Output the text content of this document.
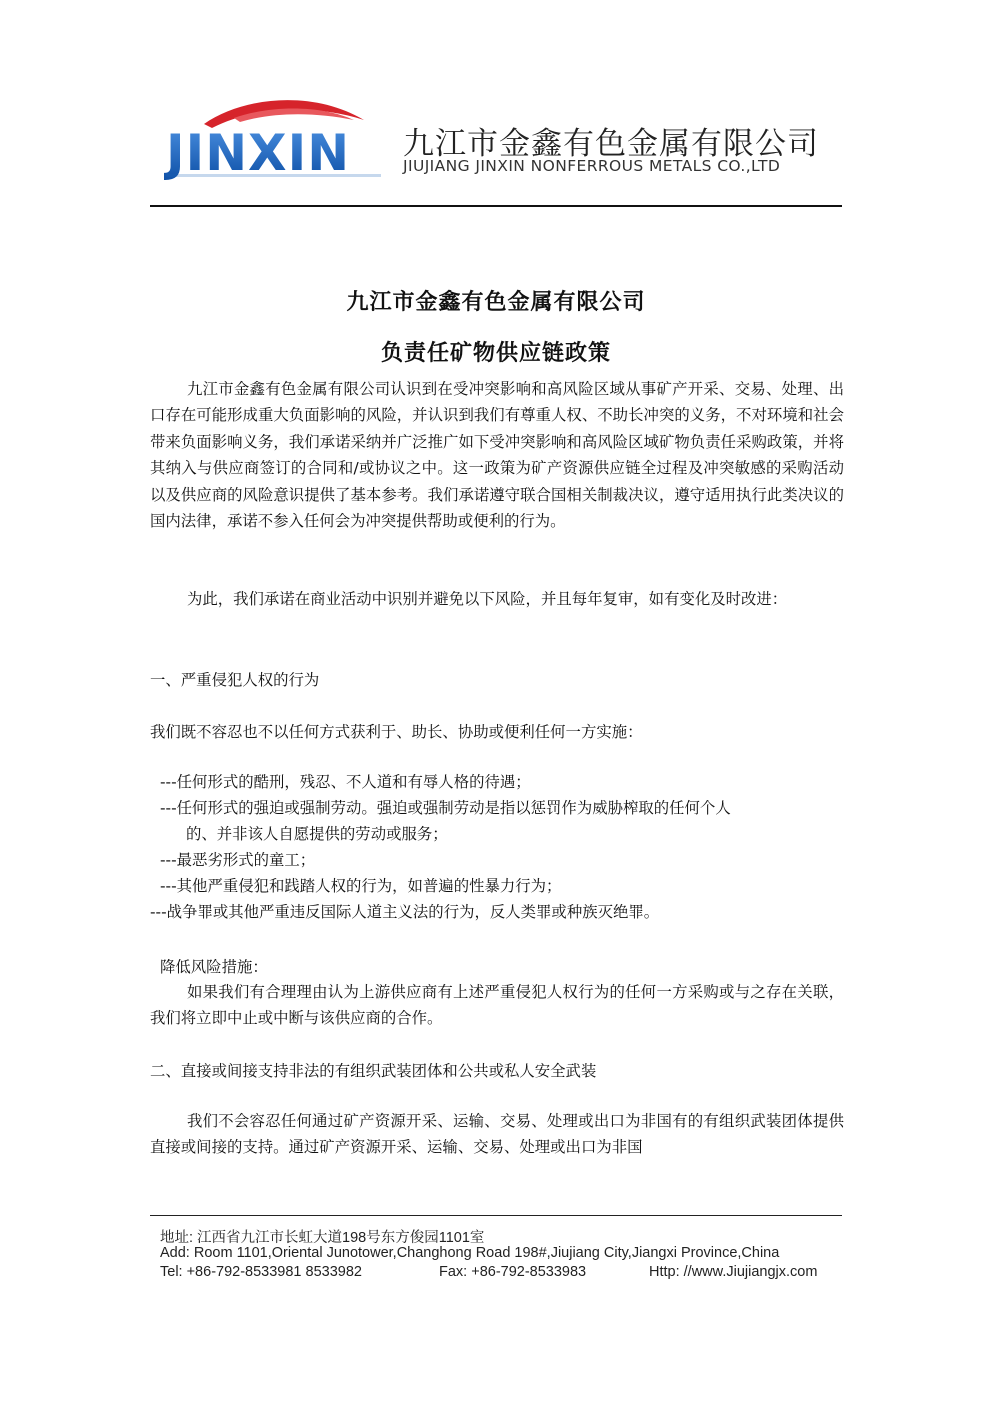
JINXIN 九江市金鑫有色金属有限公司
JIUJIANG JINXIN NONFERROUS METALS CO.,LTD
九江市金鑫有色金属有限公司
负责任矿物供应链政策
九江市金鑫有色金属有限公司认识到在受冲突影响和高风险区域从事矿产开采、交易、处理、出口存在可能形成重大负面影响的风险，并认识到我们有尊重人权、不助长冲突的义务，不对环境和社会带来负面影响义务，我们承诺采纳并广泛推广如下受冲突影响和高风险区域矿物负责任采购政策，并将其纳入与供应商签订的合同和/或协议之中。这一政策为矿产资源供应链全过程及冲突敏感的采购活动以及供应商的风险意识提供了基本参考。我们承诺遵守联合国相关制裁决议，遵守适用执行此类决议的国内法律，承诺不参入任何会为冲突提供帮助或便利的行为。
为此，我们承诺在商业活动中识别并避免以下风险，并且每年复审，如有变化及时改进：
一、严重侵犯人权的行为
我们既不容忍也不以任何方式获利于、助长、协助或便利任何一方实施：
---任何形式的酷刑，残忍、不人道和有辱人格的待遇；
---任何形式的强迫或强制劳动。强迫或强制劳动是指以惩罚作为威胁榨取的任何个人
的、并非该人自愿提供的劳动或服务；
---最恶劣形式的童工；
---其他严重侵犯和践踏人权的行为，如普遍的性暴力行为；
---战争罪或其他严重违反国际人道主义法的行为，反人类罪或种族灭绝罪。
降低风险措施：
如果我们有合理理由认为上游供应商有上述严重侵犯人权行为的任何一方采购或与之存在关联，我们将立即中止或中断与该供应商的合作。
二、直接或间接支持非法的有组织武装团体和公共或私人安全武装
我们不会容忍任何通过矿产资源开采、运输、交易、处理或出口为非国有的有组织武装团体提供直接或间接的支持。通过矿产资源开采、运输、交易、处理或出口为非国
地址: 江西省九江市长虹大道198号东方俊园1101室
Add: Room 1101,Oriental Junotower,Changhong Road 198#,Jiujiang City,Jiangxi Province,China
Tel: +86-792-8533981 8533982	Fax: +86-792-8533983	Http: //www.Jiujiangjx.com
